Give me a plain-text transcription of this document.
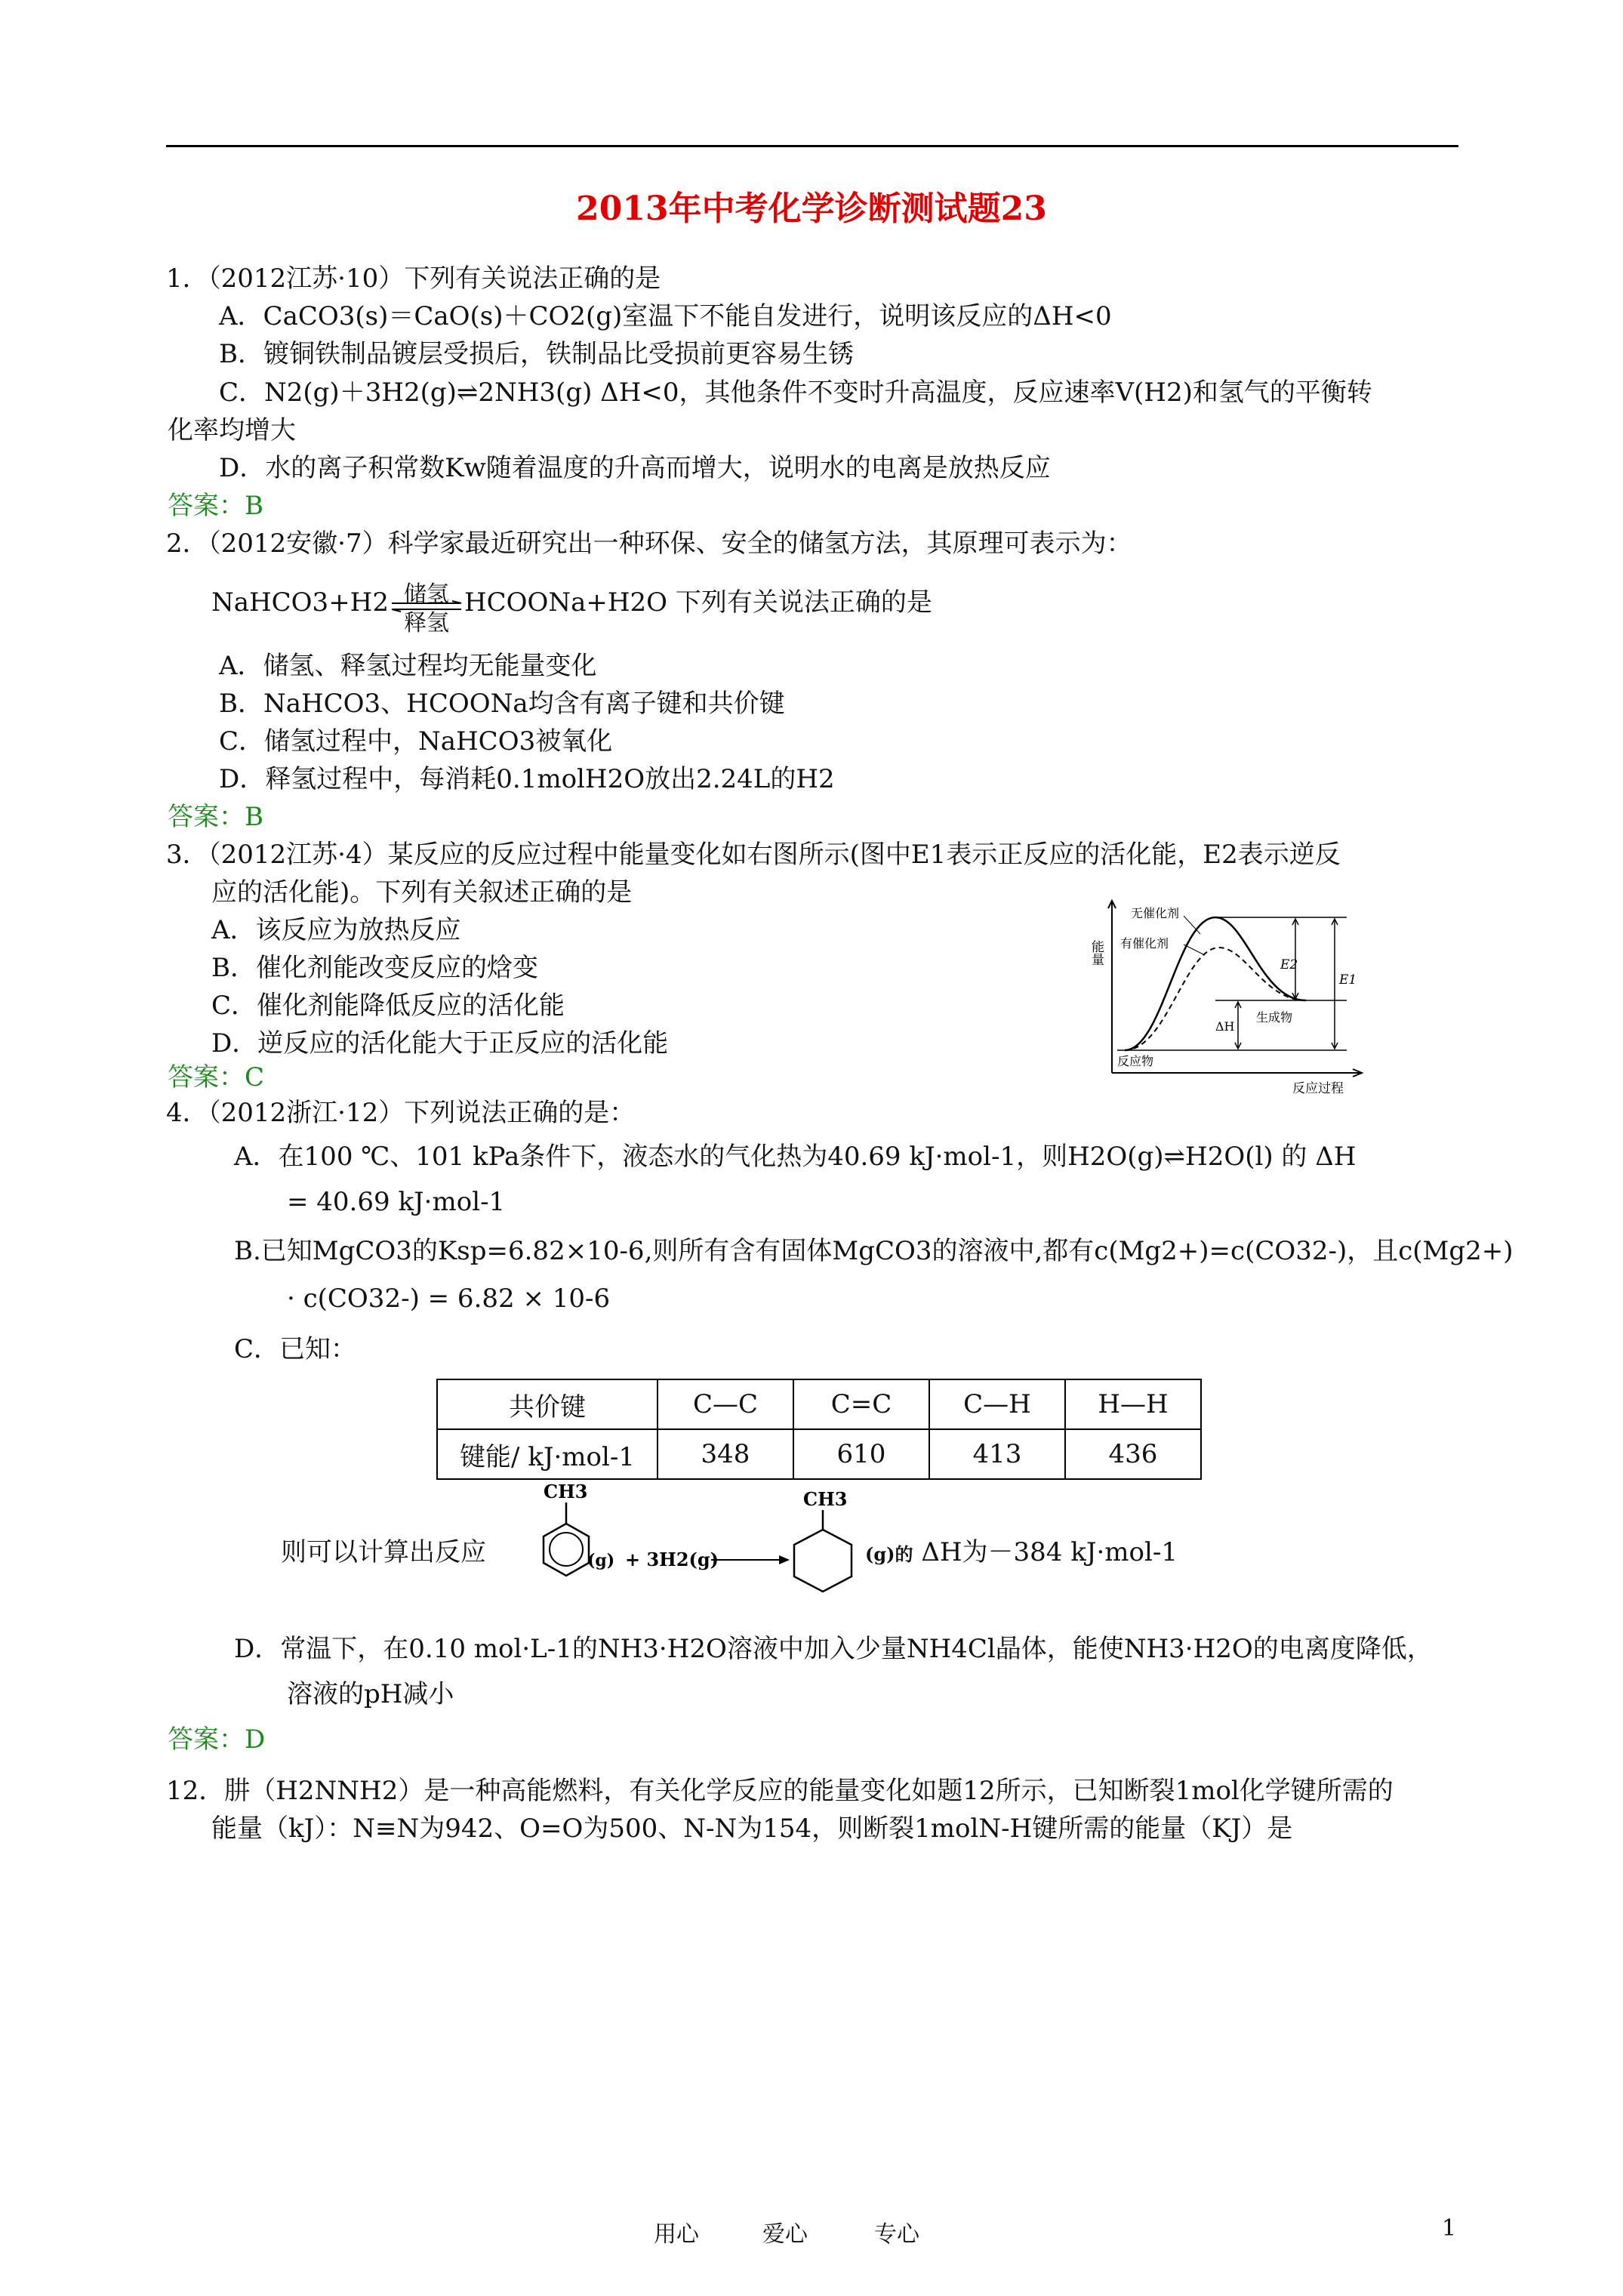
2013年中考化学诊断测试题23
1．（2012江苏·10）下列有关说法正确的是
A．CaCO3(s)＝CaO(s)＋CO2(g)室温下不能自发进行，说明该反应的ΔH<0
B．镀铜铁制品镀层受损后，铁制品比受损前更容易生锈
C．N2(g)＋3H2(g)⇌2NH3(g) ΔH<0，其他条件不变时升高温度，反应速率V(H2)和氢气的平衡转
化率均增大
D．水的离子积常数Kw随着温度的升高而增大，说明水的电离是放热反应
答案：B
2．（2012安徽·7）科学家最近研究出一种环保、安全的储氢方法，其原理可表示为：
NaHCO3+H2 储氢
释氢
HCOONa+H2O 下列有关说法正确的是
A．储氢、释氢过程均无能量变化
B．NaHCO3、HCOONa均含有离子键和共价键
C．储氢过程中，NaHCO3被氧化
D．释氢过程中，每消耗0.1molH2O放出2.24L的H2
答案：B
3．（2012江苏·4）某反应的反应过程中能量变化如右图所示(图中E1表示正反应的活化能，E2表示逆反
应的活化能)。下列有关叙述正确的是
A．该反应为放热反应
B．催化剂能改变反应的焓变
C．催化剂能降低反应的活化能
D．逆反应的活化能大于正反应的活化能
答案：C
能量
无催化剂
有催化剂
E2
E1
ΔH
生成物
反应物
反应过程
4．（2012浙江·12）下列说法正确的是：
A．在100 ℃、101 kPa条件下，液态水的气化热为40.69 kJ·mol-1，则H2O(g)⇌H2O(l) 的 ΔH
= 40.69 kJ·mol-1
B.已知MgCO3的Ksp=6.82×10-6,则所有含有固体MgCO3的溶液中,都有c(Mg2+)=c(CO32-)，且c(Mg2+)
· c(CO32-) = 6.82 × 10-6
C．已知：
共价键	C—C	C=C	C—H	H—H
键能/ kJ·mol-1	348	610	413	436
则可以计算出反应
CH3
(g) + 3H2(g)
CH3
(g)的 ΔH为－384 kJ·mol-1
D．常温下，在0.10 mol·L-1的NH3·H2O溶液中加入少量NH4Cl晶体，能使NH3·H2O的电离度降低，
溶液的pH减小
答案：D
12．肼（H2NNH2）是一种高能燃料，有关化学反应的能量变化如题12所示，已知断裂1mol化学键所需的
能量（kJ）：N≡N为942、O=O为500、N-N为154，则断裂1molN-H键所需的能量（KJ）是
用心	爱心	专心	1
